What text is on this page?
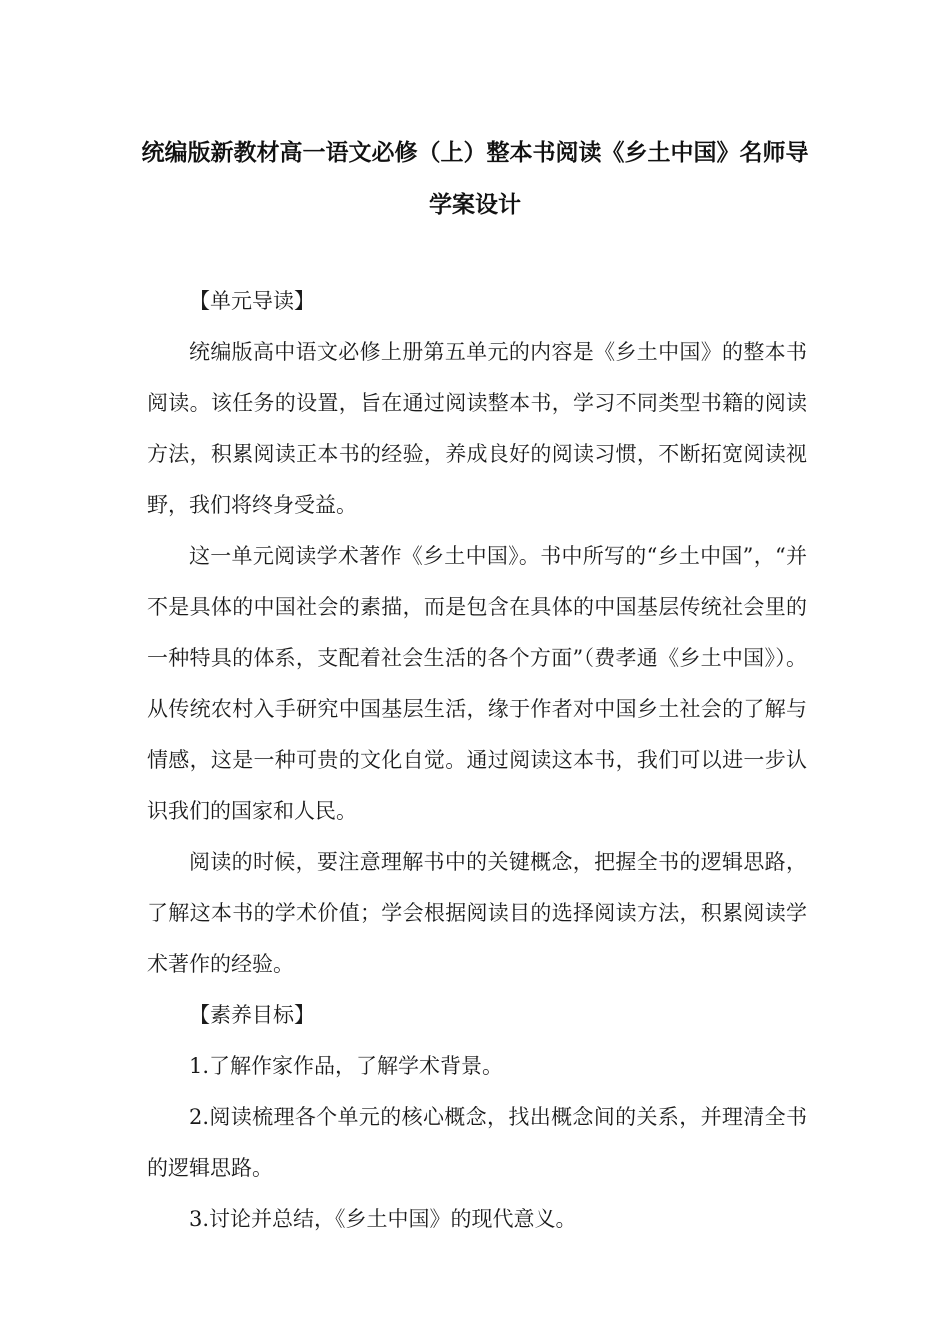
统编版新教材高一语文必修（上）整本书阅读《乡土中国》名师导
学案设计

【单元导读】

统编版高中语文必修上册第五单元的内容是《乡土中国》的整本书阅读。该任务的设置，旨在通过阅读整本书，学习不同类型书籍的阅读方法，积累阅读正本书的经验，养成良好的阅读习惯，不断拓宽阅读视野，我们将终身受益。

这一单元阅读学术著作《乡土中国》。书中所写的“乡土中国”，“并不是具体的中国社会的素描，而是包含在具体的中国基层传统社会里的一种特具的体系，支配着社会生活的各个方面”（费孝通《乡土中国》）。从传统农村入手研究中国基层生活，缘于作者对中国乡土社会的了解与情感，这是一种可贵的文化自觉。通过阅读这本书，我们可以进一步认识我们的国家和人民。

阅读的时候，要注意理解书中的关键概念，把握全书的逻辑思路，了解这本书的学术价值；学会根据阅读目的选择阅读方法，积累阅读学术著作的经验。

【素养目标】

1.了解作家作品，了解学术背景。

2.阅读梳理各个单元的核心概念，找出概念间的关系，并理清全书的逻辑思路。

3.讨论并总结，《乡土中国》的现代意义。
